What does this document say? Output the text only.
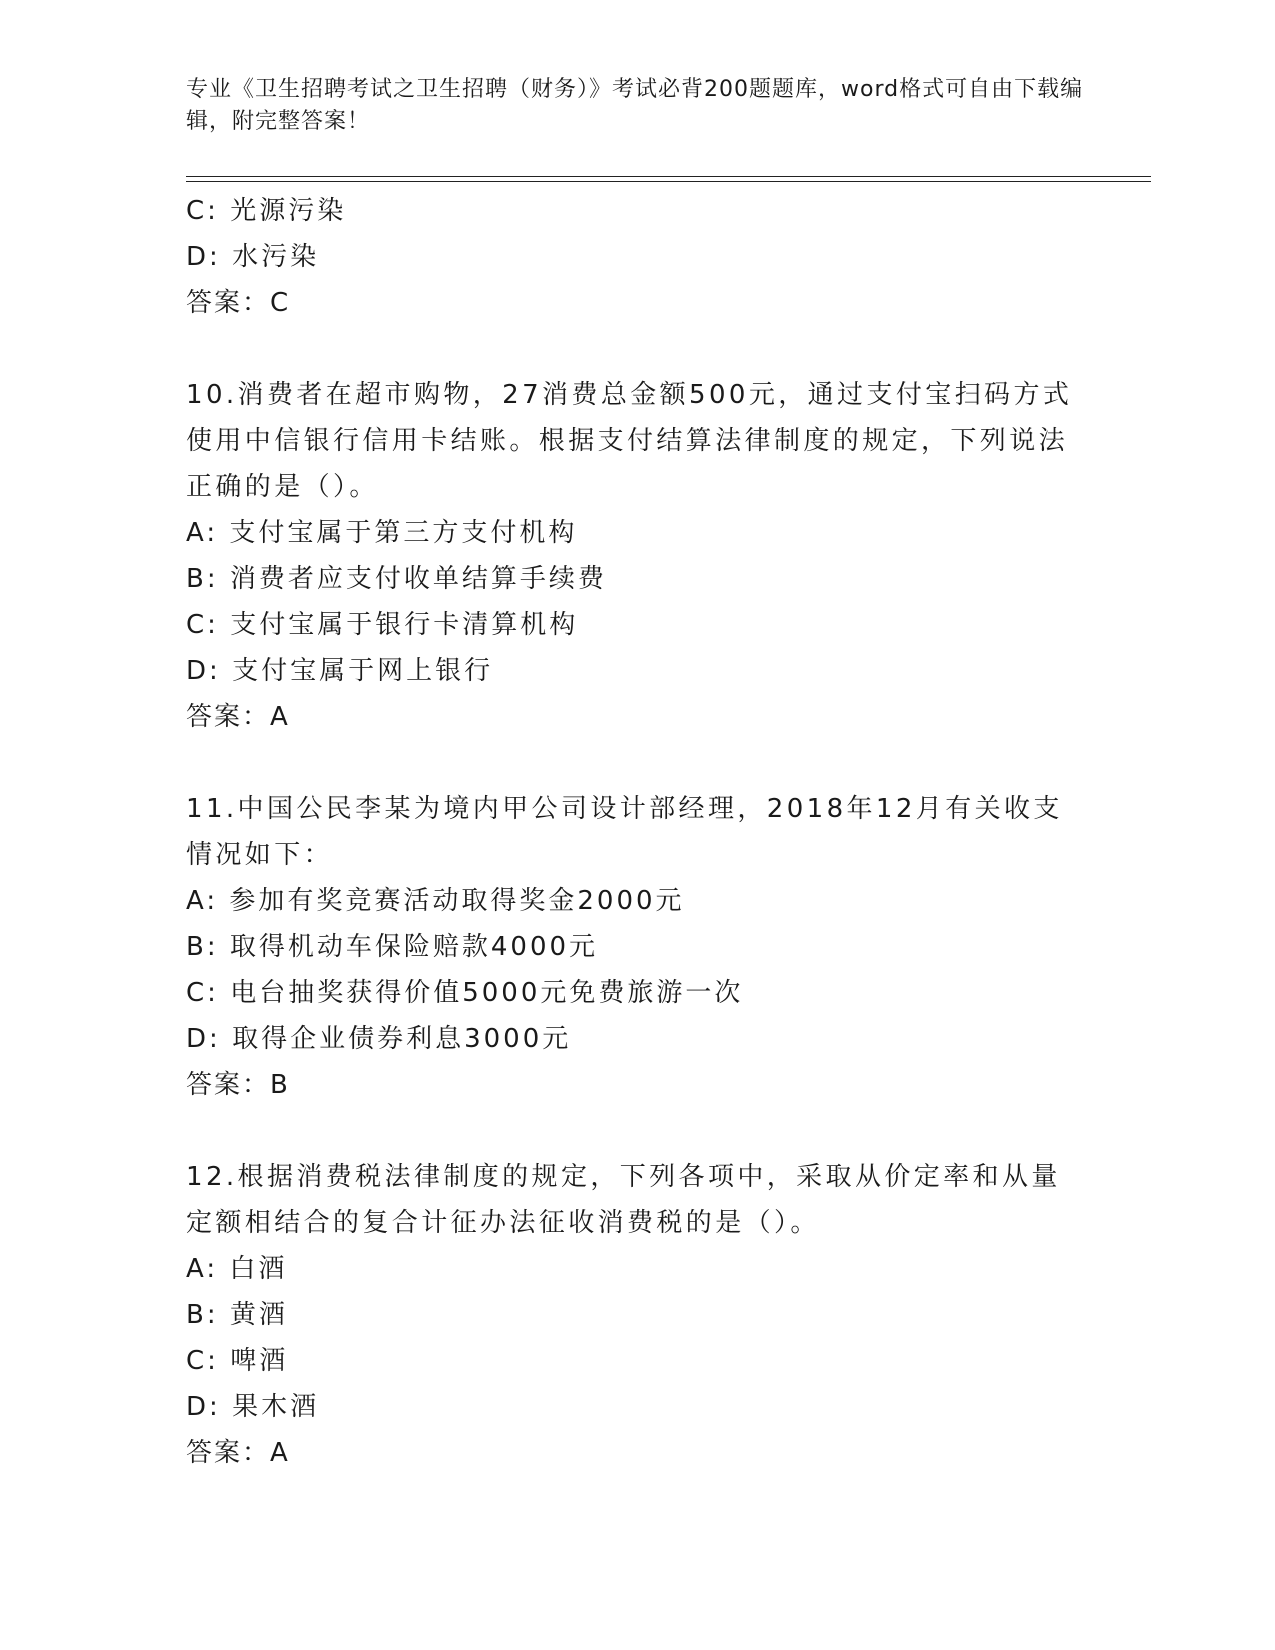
专业《卫生招聘考试之卫生招聘（财务）》考试必背200题题库，word格式可自由下载编辑，附完整答案！
C: 光源污染
D: 水污染
答案：C
10.消费者在超市购物，27消费总金额500元，通过支付宝扫码方式使用中信银行信用卡结账。根据支付结算法律制度的规定，下列说法正确的是（）。
A: 支付宝属于第三方支付机构
B: 消费者应支付收单结算手续费
C: 支付宝属于银行卡清算机构
D: 支付宝属于网上银行
答案：A
11.中国公民李某为境内甲公司设计部经理，2018年12月有关收支情况如下：
A: 参加有奖竞赛活动取得奖金2000元
B: 取得机动车保险赔款4000元
C: 电台抽奖获得价值5000元免费旅游一次
D: 取得企业债券利息3000元
答案：B
12.根据消费税法律制度的规定，下列各项中，采取从价定率和从量定额相结合的复合计征办法征收消费税的是（）。
A: 白酒
B: 黄酒
C: 啤酒
D: 果木酒
答案：A
